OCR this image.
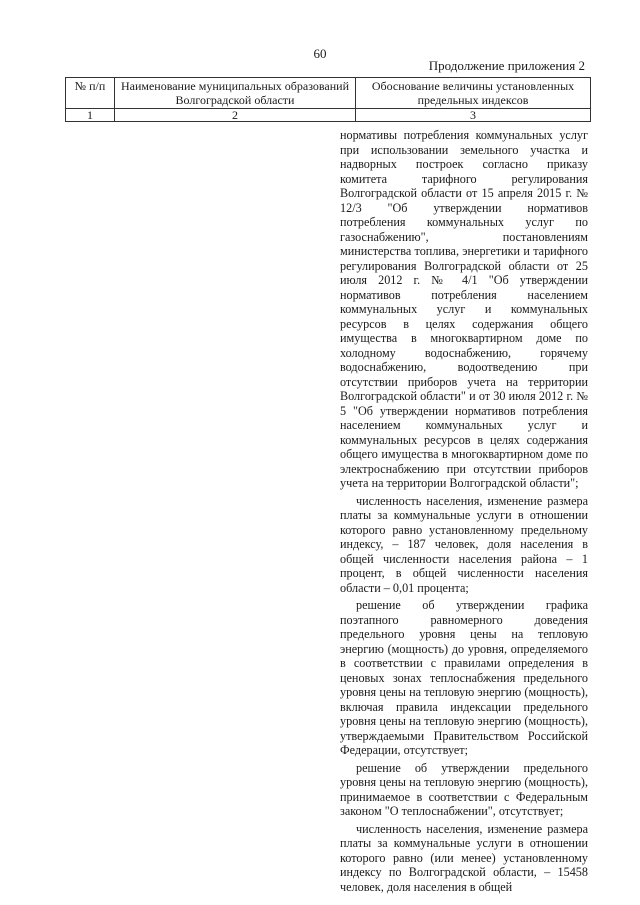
60
Продолжение приложения 2
№ п/п	Наименование муниципальных образований Волгоградской области	Обоснование величины установленных предельных индексов
1	2	3

нормативы потребления коммунальных услуг при использовании земельного участка и надворных построек согласно приказу комитета тарифного регулирования Волгоградской области от 15 апреля 2015 г. № 12/3 "Об утверждении нормативов потребления коммунальных услуг по газоснабжению", постановлениям министерства топлива, энергетики и тарифного регулирования Волгоградской области от 25 июля 2012 г. № 4/1 "Об утверждении нормативов потребления населением коммунальных услуг и коммунальных ресурсов в целях содержания общего имущества в многоквартирном доме по холодному водоснабжению, горячему водоснабжению, водоотведению при отсутствии приборов учета на территории Волгоградской области" и от 30 июля 2012 г. № 5 "Об утверждении нормативов потребления населением коммунальных услуг и коммунальных ресурсов в целях содержания общего имущества в многоквартирном доме по электроснабжению при отсутствии приборов учета на территории Волгоградской области";

численность населения, изменение размера платы за коммунальные услуги в отношении которого равно установленному предельному индексу, – 187 человек, доля населения в общей численности населения района – 1 процент, в общей численности населения области – 0,01 процента;

решение об утверждении графика поэтапного равномерного доведения предельного уровня цены на тепловую энергию (мощность) до уровня, определяемого в соответствии с правилами определения в ценовых зонах теплоснабжения предельного уровня цены на тепловую энергию (мощность), включая правила индексации предельного уровня цены на тепловую энергию (мощность), утверждаемыми Правительством Российской Федерации, отсутствует;

решение об утверждении предельного уровня цены на тепловую энергию (мощность), принимаемое в соответствии с Федеральным законом "О теплоснабжении", отсутствует;

численность населения, изменение размера платы за коммунальные услуги в отношении которого равно (или менее) установленному индексу по Волгоградской области, – 15458 человек, доля населения в общей
